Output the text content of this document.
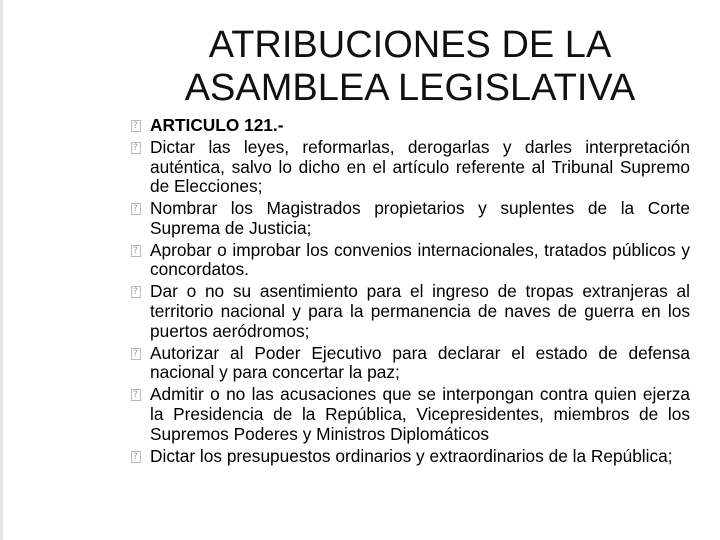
ATRIBUCIONES DE LA
ASAMBLEA LEGISLATIVA
?
ARTICULO 121.-
?
Dictar las leyes, reformarlas, derogarlas y darles interpretación auténtica, salvo lo dicho en el artículo referente al Tribunal Supremo de Elecciones;
?
Nombrar los Magistrados propietarios y suplentes de la Corte Suprema de Justicia;
?
Aprobar o improbar los convenios internacionales, tratados públicos y concordatos.
?
Dar o no su asentimiento para el ingreso de tropas extranjeras al territorio nacional y para la permanencia de naves de guerra en los puertos aeródromos;
?
Autorizar al Poder Ejecutivo para declarar el estado de defensa nacional y para concertar la paz;
?
Admitir o no las acusaciones que se interpongan contra quien ejerza la Presidencia de la República, Vicepresidentes, miembros de los Supremos Poderes y Ministros Diplomáticos
?
Dictar los presupuestos ordinarios y extraordinarios de la República;
